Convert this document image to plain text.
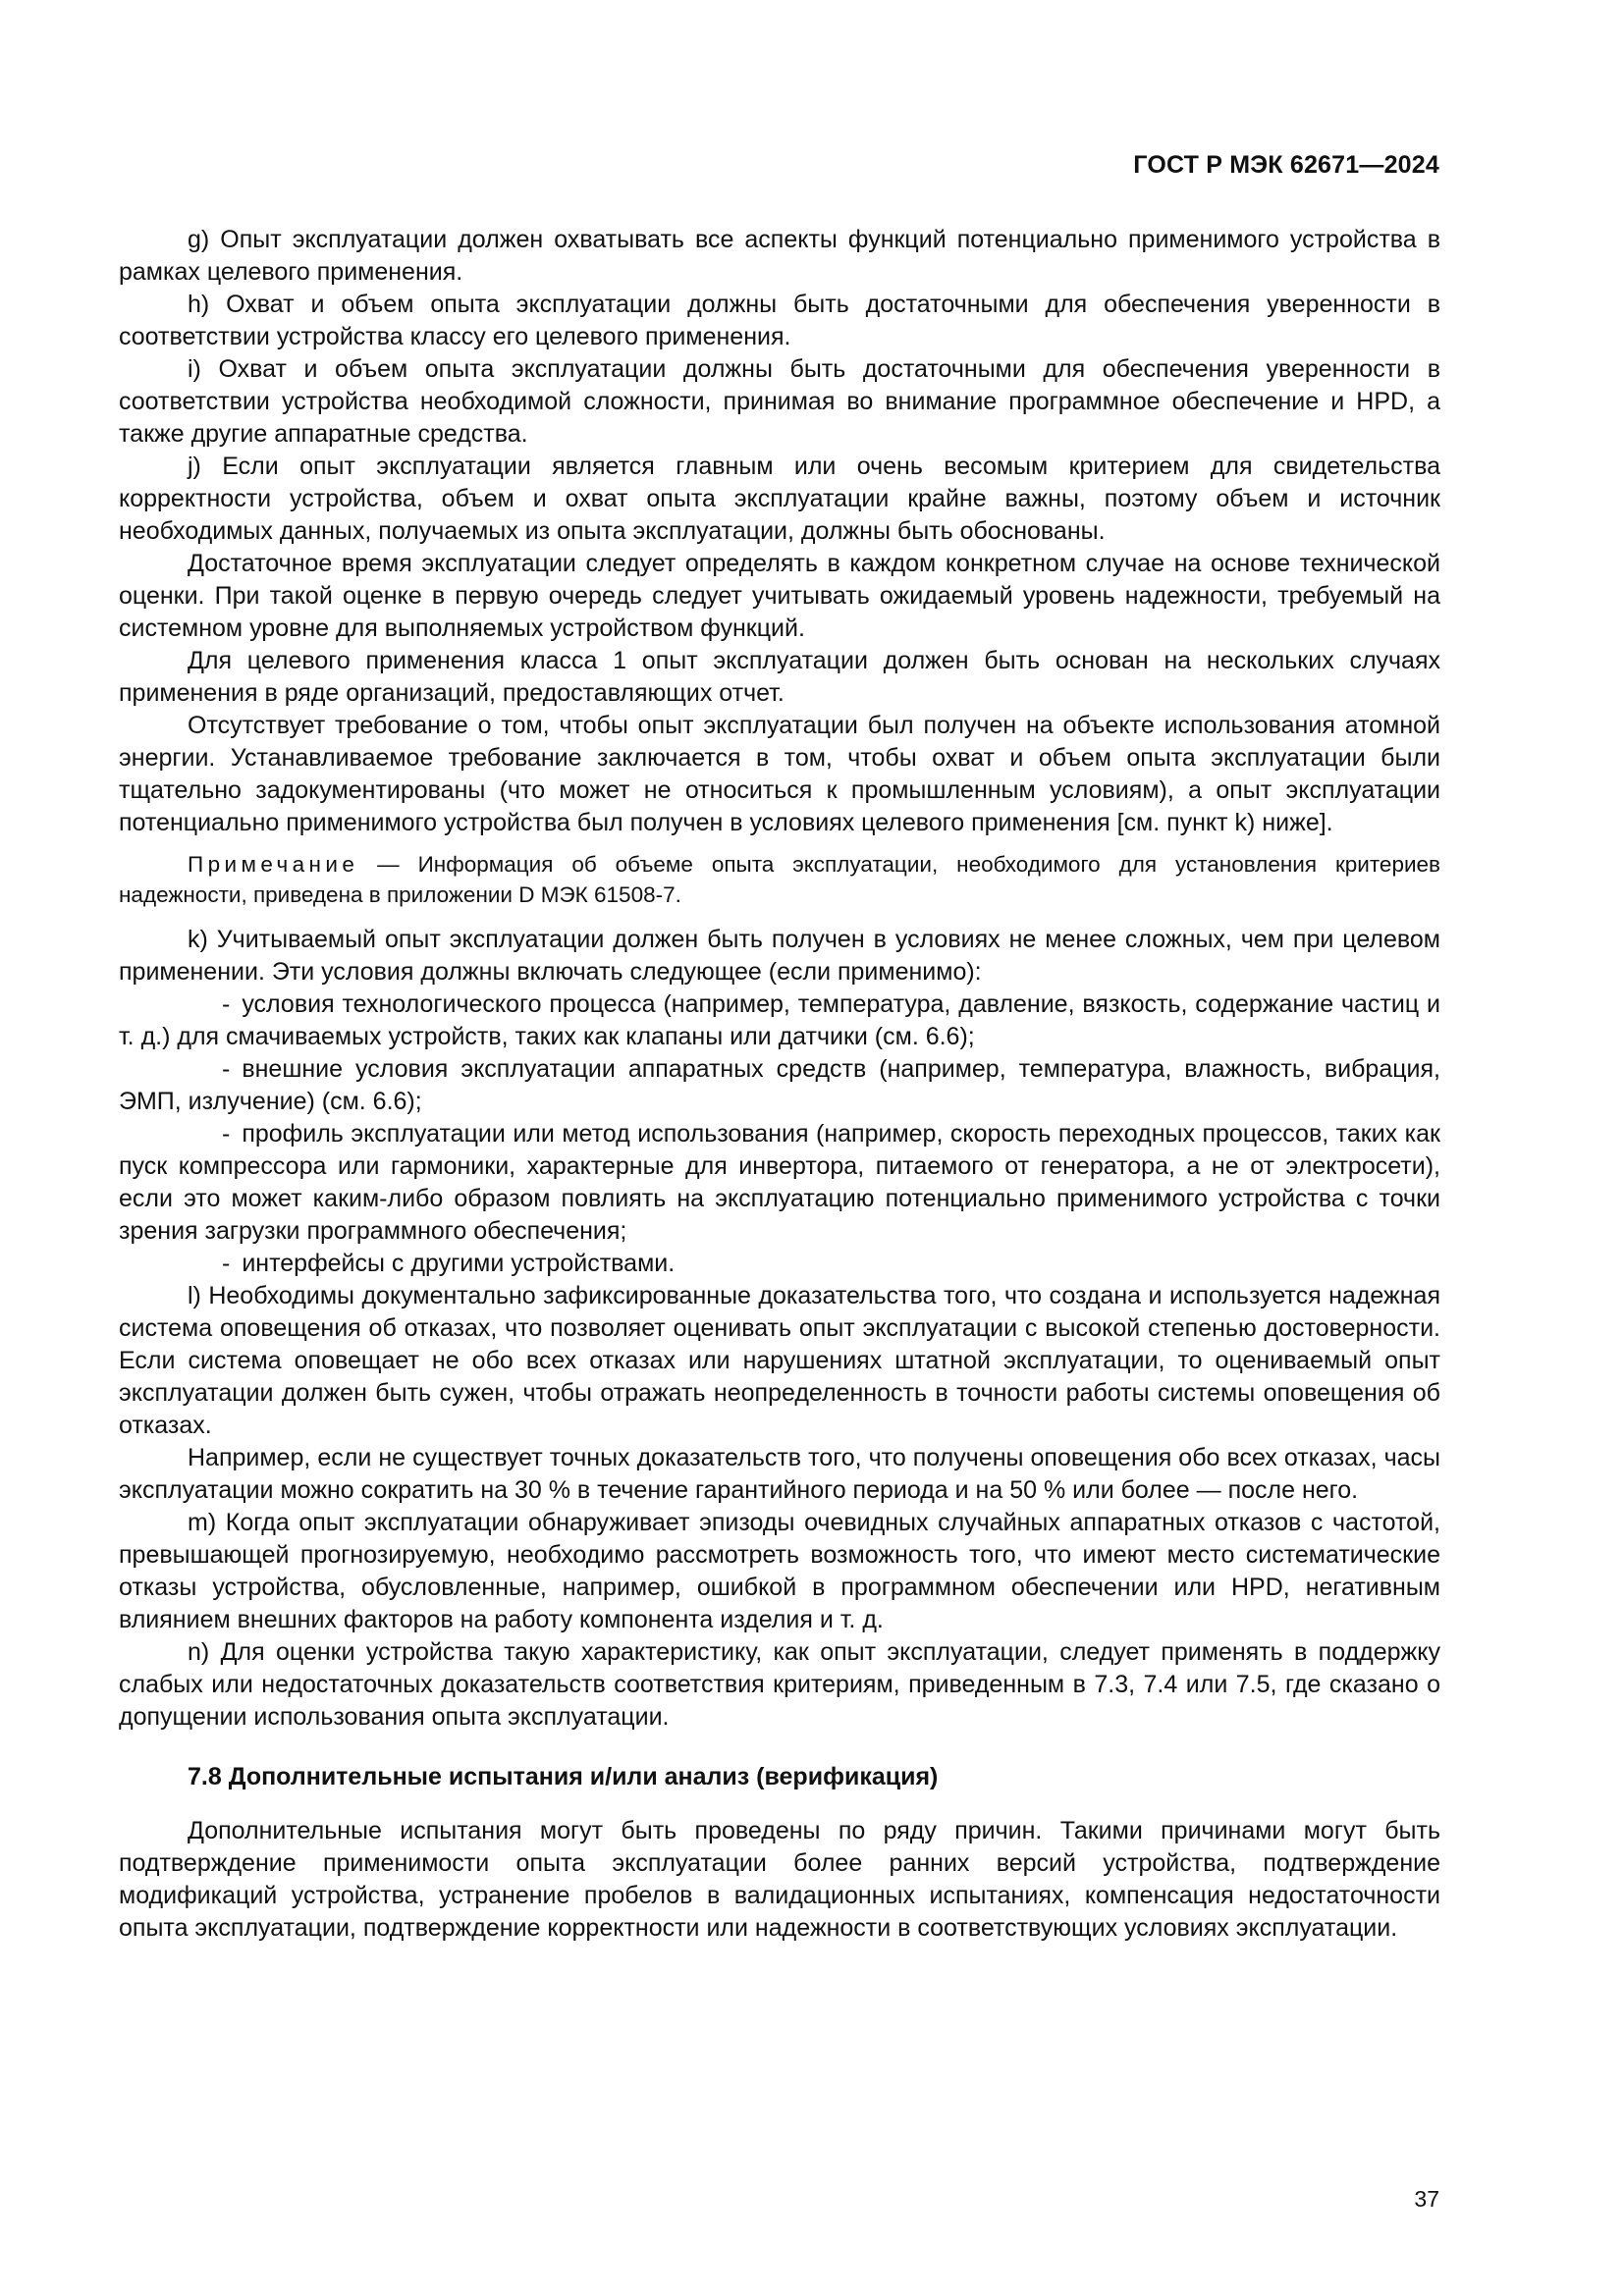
ГОСТ Р МЭК 62671—2024

g) Опыт эксплуатации должен охватывать все аспекты функций потенциально применимого устройства в рамках целевого применения.

h) Охват и объем опыта эксплуатации должны быть достаточными для обеспечения уверенности в соответствии устройства классу его целевого применения.

i) Охват и объем опыта эксплуатации должны быть достаточными для обеспечения уверенности в соответствии устройства необходимой сложности, принимая во внимание программное обеспечение и HPD, а также другие аппаратные средства.

j) Если опыт эксплуатации является главным или очень весомым критерием для свидетельства корректности устройства, объем и охват опыта эксплуатации крайне важны, поэтому объем и источник необходимых данных, получаемых из опыта эксплуатации, должны быть обоснованы.

Достаточное время эксплуатации следует определять в каждом конкретном случае на основе технической оценки. При такой оценке в первую очередь следует учитывать ожидаемый уровень надежности, требуемый на системном уровне для выполняемых устройством функций.

Для целевого применения класса 1 опыт эксплуатации должен быть основан на нескольких случаях применения в ряде организаций, предоставляющих отчет.

Отсутствует требование о том, чтобы опыт эксплуатации был получен на объекте использования атомной энергии. Устанавливаемое требование заключается в том, чтобы охват и объем опыта эксплуатации были тщательно задокументированы (что может не относиться к промышленным условиям), а опыт эксплуатации потенциально применимого устройства был получен в условиях целевого применения [см. пункт k) ниже].

Примечание — Информация об объеме опыта эксплуатации, необходимого для установления критериев надежности, приведена в приложении D МЭК 61508-7.

k) Учитываемый опыт эксплуатации должен быть получен в условиях не менее сложных, чем при целевом применении. Эти условия должны включать следующее (если применимо):

- условия технологического процесса (например, температура, давление, вязкость, содержание частиц и т. д.) для смачиваемых устройств, таких как клапаны или датчики (см. 6.6);

- внешние условия эксплуатации аппаратных средств (например, температура, влажность, вибрация, ЭМП, излучение) (см. 6.6);

- профиль эксплуатации или метод использования (например, скорость переходных процессов, таких как пуск компрессора или гармоники, характерные для инвертора, питаемого от генератора, а не от электросети), если это может каким-либо образом повлиять на эксплуатацию потенциально применимого устройства с точки зрения загрузки программного обеспечения;

- интерфейсы с другими устройствами.

l) Необходимы документально зафиксированные доказательства того, что создана и используется надежная система оповещения об отказах, что позволяет оценивать опыт эксплуатации с высокой степенью достоверности. Если система оповещает не обо всех отказах или нарушениях штатной эксплуатации, то оцениваемый опыт эксплуатации должен быть сужен, чтобы отражать неопределенность в точности работы системы оповещения об отказах.

Например, если не существует точных доказательств того, что получены оповещения обо всех отказах, часы эксплуатации можно сократить на 30 % в течение гарантийного периода и на 50 % или более — после него.

m) Когда опыт эксплуатации обнаруживает эпизоды очевидных случайных аппаратных отказов с частотой, превышающей прогнозируемую, необходимо рассмотреть возможность того, что имеют место систематические отказы устройства, обусловленные, например, ошибкой в программном обеспечении или HPD, негативным влиянием внешних факторов на работу компонента изделия и т. д.

n) Для оценки устройства такую характеристику, как опыт эксплуатации, следует применять в поддержку слабых или недостаточных доказательств соответствия критериям, приведенным в 7.3, 7.4 или 7.5, где сказано о допущении использования опыта эксплуатации.

7.8 Дополнительные испытания и/или анализ (верификация)

Дополнительные испытания могут быть проведены по ряду причин. Такими причинами могут быть подтверждение применимости опыта эксплуатации более ранних версий устройства, подтверждение модификаций устройства, устранение пробелов в валидационных испытаниях, компенсация недостаточности опыта эксплуатации, подтверждение корректности или надежности в соответствующих условиях эксплуатации.

37
